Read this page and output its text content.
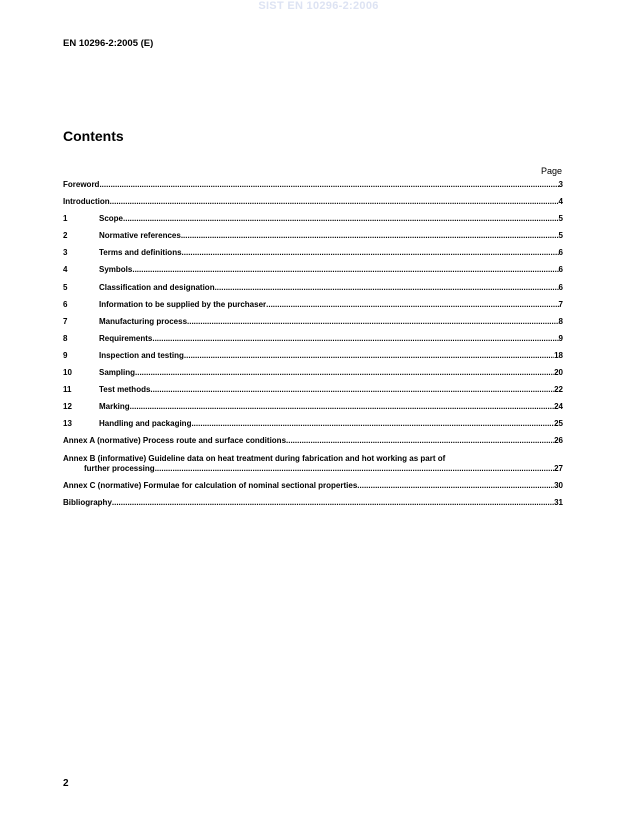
SIST EN 10296-2:2006
EN 10296-2:2005 (E)
Contents
Page
Foreword .....	3
Introduction .....	4
1	Scope .....	5
2	Normative references .....	5
3	Terms and definitions .....	6
4	Symbols .....	6
5	Classification and designation .....	6
6	Information to be supplied by the purchaser .....	7
7	Manufacturing process .....	8
8	Requirements .....	9
9	Inspection and testing .....	18
10	Sampling .....	20
11	Test methods .....	22
12	Marking .....	24
13	Handling and packaging .....	25
Annex A (normative) Process route and surface conditions .....	26
Annex B (informative) Guideline data on heat treatment during fabrication and hot working as part of
further processing .....	27
Annex C (normative) Formulae for calculation of nominal sectional properties .....	30
Bibliography .....	31
2
